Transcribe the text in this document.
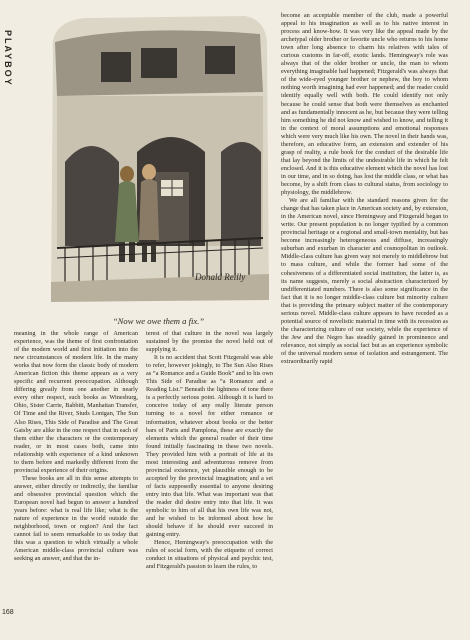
PLAYBOY
Donald Reilly
“Now we owe them a fix.”

meaning in the whole range of American experience, was the theme of first confrontation of the modern world and first initiation into the new circumstances of modern life. In the many works that now form the classic body of modern American fiction this theme appears as a very specific and recurrent preoccupation. Although differing greatly from one another in nearly every other respect, such books as Winesburg, Ohio, Sister Carrie, Babbitt, Manhattan Transfer, Of Time and the River, Studs Lonigan, The Sun Also Rises, This Side of Paradise and The Great Gatsby are alike in the one respect that in each of them either the characters or the contemporary reader, or in most cases both, came into relationship with experience of a kind unknown to them before and markedly different from the provincial experience of their origins.

These books are all in this sense attempts to answer, either directly or indirectly, the familiar and obsessive provincial question which the European novel had begun to answer a hundred years before: what is real life like; what is the nature of experience in the world outside the neighborhood, town or region? And the fact cannot fail to seem remarkable to us today that this was a question to which virtually a whole American middle-class provincial culture was seeking an answer, and that the in-

terest of that culture in the novel was largely sustained by the promise the novel held out of supplying it.

It is no accident that Scott Fitzgerald was able to refer, however jokingly, to The Sun Also Rises as “a Romance and a Guide Book” and to his own This Side of Paradise as “a Romance and a Reading List.” Beneath the lightness of tone there is a perfectly serious point. Although it is hard to conceive today of any really literate person turning to a novel for either romance or information, whatever about books or the better bars of Paris and Pamplona, these are exactly the elements which the general reader of their time found initially fascinating in these two novels. They provided him with a portrait of life at its most interesting and adventurous remove from provincial existence, yet plausible enough to be accepted by the provincial imagination; and a set of facts supposedly essential to anyone desiring entry into that life. What was important was that the reader did desire entry into that life. It was symbolic to him of all that his own life was not, and he wished to be informed about how he should behave if he should ever succeed in gaining entry.

Hence, Hemingway's preoccupation with the rules of social form, with the etiquette of correct conduct in situations of physical and psychic test, and Fitzgerald's passion to learn the rules, to

become an acceptable member of the club, made a powerful appeal to his imagination as well as to his native interest in process and know-how. It was very like the appeal made by the archetypal older brother or favorite uncle who returns to his home town after long absence to charm his relatives with tales of curious customs in far-off, exotic lands. Hemingway's role was always that of the older brother or uncle, the man to whom everything imaginable had happened; Fitzgerald's was always that of the wide-eyed younger brother or nephew, the boy to whom nothing worth imagining had ever happened; and the reader could identify equally well with both. He could identify not only because he could sense that both were themselves as enchanted and as fundamentally innocent as he, but because they were telling him something he did not know and wished to know, and telling it in the context of moral assumptions and emotional responses which were very much like his own. The novel in their hands was, therefore, an educative form, an extension and extender of his grasp of reality, a rule book for the conduct of the desirable life that lay beyond the limits of the undesirable life in which he felt enclosed. And it is this educative element which the novel has lost in our time, and in so doing, has lost the middle class, or what has become, by a shift from class to cultural status, from sociology to physiology, the middlebrow.

We are all familiar with the standard reasons given for the change that has taken place in American society and, by extension, in the American novel, since Hemingway and Fitzgerald began to write. Our present population is no longer typified by a common provincial heritage or a regional and small-town mentality, but has become increasingly heterogeneous and diffuse, increasingly suburban and exurban in character and cosmopolitan in outlook. Middle-class culture has given way not merely to middlebrow but to mass culture, and while the former had some of the cohesiveness of a differentiated social institution, the latter is, as its name suggests, merely a social abstraction characterized by undifferentiated numbers. There is also some significance in the fact that it is no longer middle-class culture but minority culture that is providing the primary subject matter of the contemporary serious novel. Middle-class culture appears to have receded as a potential source of novelistic material in time with its recession as the characterizing culture of our society, while the experience of the Jew and the Negro has steadily gained in prominence and relevance, not simply as social fact but as an experience symbolic of the universal modern sense of isolation and estrangement. The extraordinarily rapid

168
